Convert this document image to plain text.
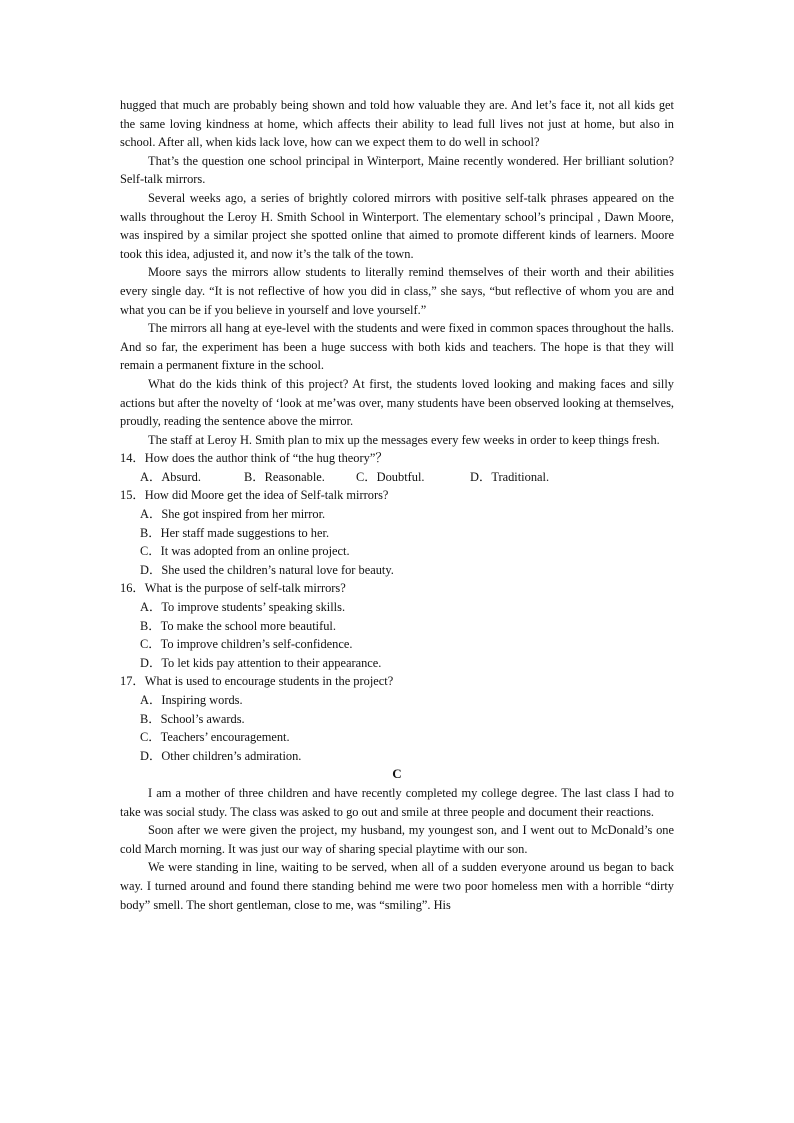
hugged that much are probably being shown and told how valuable they are. And let’s face it, not all kids get the same loving kindness at home, which affects their ability to lead full lives not just at home, but also in school. After all, when kids lack love, how can we expect them to do well in school?

That’s the question one school principal in Winterport, Maine recently wondered. Her brilliant solution? Self-talk mirrors.

Several weeks ago, a series of brightly colored mirrors with positive self-talk phrases appeared on the walls throughout the Leroy H. Smith School in Winterport. The elementary school’s principal , Dawn Moore, was inspired by a similar project she spotted online that aimed to promote different kinds of learners. Moore took this idea, adjusted it, and now it’s the talk of the town.

Moore says the mirrors allow students to literally remind themselves of their worth and their abilities every single day. “It is not reflective of how you did in class,” she says, “but reflective of whom you are and what you can be if you believe in yourself and love yourself.”

The mirrors all hang at eye-level with the students and were fixed in common spaces throughout the halls. And so far, the experiment has been a huge success with both kids and teachers. The hope is that they will remain a permanent fixture in the school.

What do the kids think of this project? At first, the students loved looking and making faces and silly actions but after the novelty of ‘look at me’was over, many students have been observed looking at themselves, proudly, reading the sentence above the mirror.

The staff at Leroy H. Smith plan to mix up the messages every few weeks in order to keep things fresh.

14．How does the author think of “the hug theory”？

A．Absurd.	B．Reasonable.	C．Doubtful.	D．Traditional.

15．How did Moore get the idea of Self-talk mirrors?

A．She got inspired from her mirror.

B．Her staff made suggestions to her.

C．It was adopted from an online project.

D．She used the children’s natural love for beauty.

16．What is the purpose of self-talk mirrors?

A．To improve students’ speaking skills.

B．To make the school more beautiful.

C．To improve children’s self-confidence.

D．To let kids pay attention to their appearance.

17．What is used to encourage students in the project?

A．Inspiring words.

B．School’s awards.

C．Teachers’ encouragement.

D．Other children’s admiration.

C

I am a mother of three children and have recently completed my college degree. The last class I had to take was social study. The class was asked to go out and smile at three people and document their reactions.

Soon after we were given the project, my husband, my youngest son, and I went out to McDonald’s one cold March morning. It was just our way of sharing special playtime with our son.

We were standing in line, waiting to be served, when all of a sudden everyone around us began to back way. I turned around and found there standing behind me were two poor homeless men with a horrible “dirty body” smell. The short gentleman, close to me, was “smiling”. His
